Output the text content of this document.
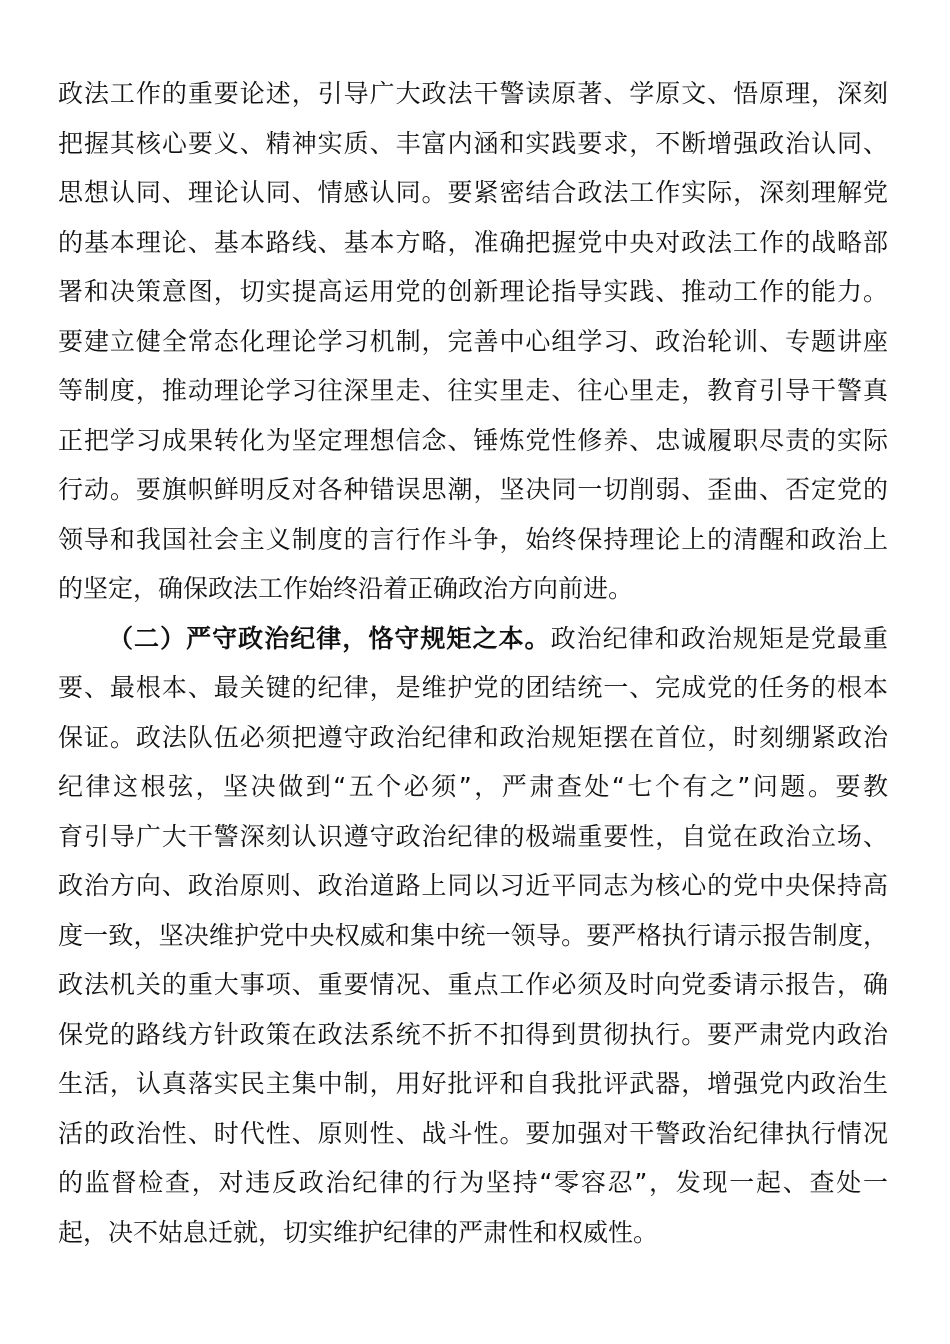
政法工作的重要论述，引导广大政法干警读原著、学原文、悟原理，深刻
把握其核心要义、精神实质、丰富内涵和实践要求，不断增强政治认同、
思想认同、理论认同、情感认同。要紧密结合政法工作实际，深刻理解党
的基本理论、基本路线、基本方略，准确把握党中央对政法工作的战略部
署和决策意图，切实提高运用党的创新理论指导实践、推动工作的能力。
要建立健全常态化理论学习机制，完善中心组学习、政治轮训、专题讲座
等制度，推动理论学习往深里走、往实里走、往心里走，教育引导干警真
正把学习成果转化为坚定理想信念、锤炼党性修养、忠诚履职尽责的实际
行动。要旗帜鲜明反对各种错误思潮，坚决同一切削弱、歪曲、否定党的
领导和我国社会主义制度的言行作斗争，始终保持理论上的清醒和政治上
的坚定，确保政法工作始终沿着正确政治方向前进。
（二）严守政治纪律，恪守规矩之本。政治纪律和政治规矩是党最重
要、最根本、最关键的纪律，是维护党的团结统一、完成党的任务的根本
保证。政法队伍必须把遵守政治纪律和政治规矩摆在首位，时刻绷紧政治
纪律这根弦，坚决做到“五个必须”，严肃查处“七个有之”问题。要教
育引导广大干警深刻认识遵守政治纪律的极端重要性，自觉在政治立场、
政治方向、政治原则、政治道路上同以习近平同志为核心的党中央保持高
度一致，坚决维护党中央权威和集中统一领导。要严格执行请示报告制度，
政法机关的重大事项、重要情况、重点工作必须及时向党委请示报告，确
保党的路线方针政策在政法系统不折不扣得到贯彻执行。要严肃党内政治
生活，认真落实民主集中制，用好批评和自我批评武器，增强党内政治生
活的政治性、时代性、原则性、战斗性。要加强对干警政治纪律执行情况
的监督检查，对违反政治纪律的行为坚持“零容忍”，发现一起、查处一
起，决不姑息迁就，切实维护纪律的严肃性和权威性。
